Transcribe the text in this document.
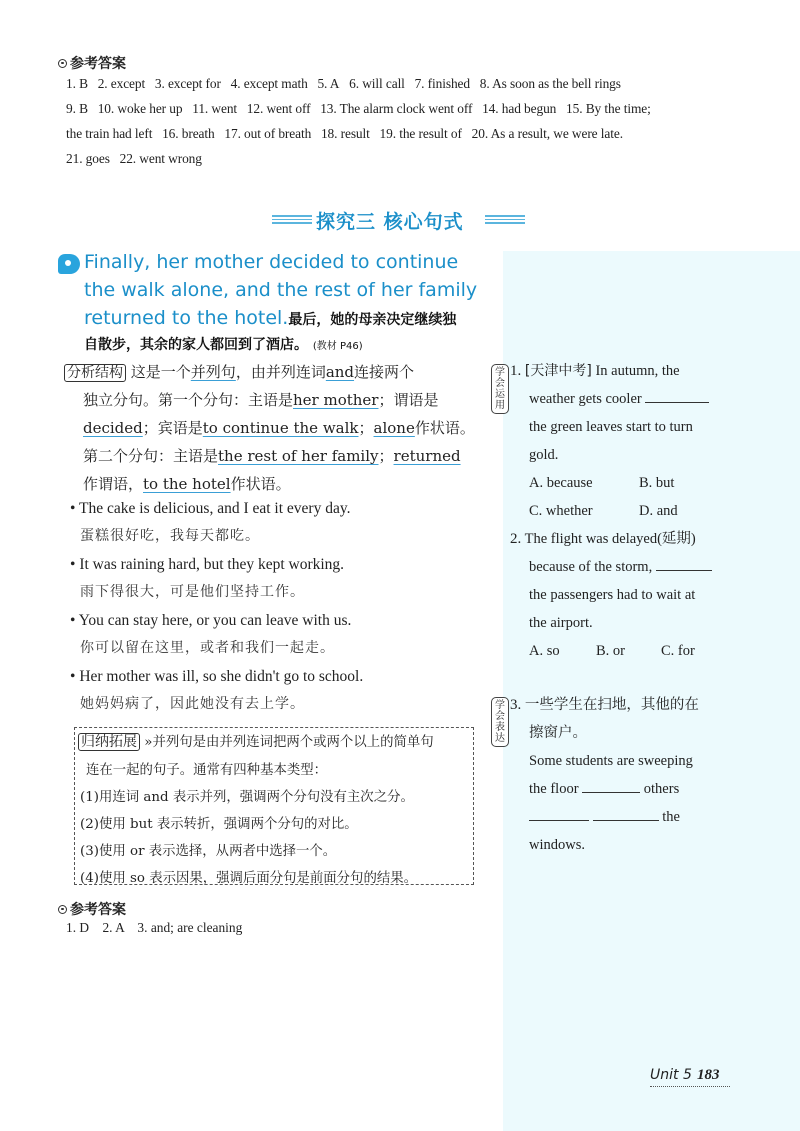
参考答案
1. B 2. except 3. except for 4. except math 5. A 6. will call 7. finished 8. As soon as the bell rings
9. B 10. woke her up 11. went 12. went off 13. The alarm clock went off 14. had begun 15. By the time;
the train had left 16. breath 17. out of breath 18. result 19. the result of 20. As a result, we were late.
21. goes 22. went wrong
探究三 核心句式
Finally, her mother decided to continue
the walk alone, and the rest of her family
returned to the hotel.最后，她的母亲决定继续独
自散步，其余的家人都回到了酒店。 (教材 P46)
分析结构 这是一个并列句，由并列连词and连接两个
独立分句。第一个分句：主语是her mother；谓语是
decided；宾语是to continue the walk；alone作状语。
第二个分句：主语是the rest of her family；returned
作谓语，to the hotel作状语。
• The cake is delicious, and I eat it every day.
蛋糕很好吃，我每天都吃。
• It was raining hard, but they kept working.
雨下得很大，可是他们坚持工作。
• You can stay here, or you can leave with us.
你可以留在这里，或者和我们一起走。
• Her mother was ill, so she didn't go to school.
她妈妈病了，因此她没有去上学。
归纳拓展 »并列句是由并列连词把两个或两个以上的简单句
连在一起的句子。通常有四种基本类型：
(1)用连词 and 表示并列，强调两个分句没有主次之分。
(2)使用 but 表示转折，强调两个分句的对比。
(3)使用 or 表示选择，从两者中选择一个。
(4)使用 so 表示因果，强调后面分句是前面分句的结果。
参考答案
1. D    2. A    3. and; are cleaning
学会运用
1. [天津中考] In autumn, the
weather gets cooler
the green leaves start to turn
gold.
A. because	B. but
C. whether	D. and
2. The flight was delayed(延期)
because of the storm,
the passengers had to wait at
the airport.
A. so	B. or	C. for
学会表达
3. 一些学生在扫地，其他的在
擦窗户。
Some students are sweeping
the floor	others
the
windows.
Unit 5 183
